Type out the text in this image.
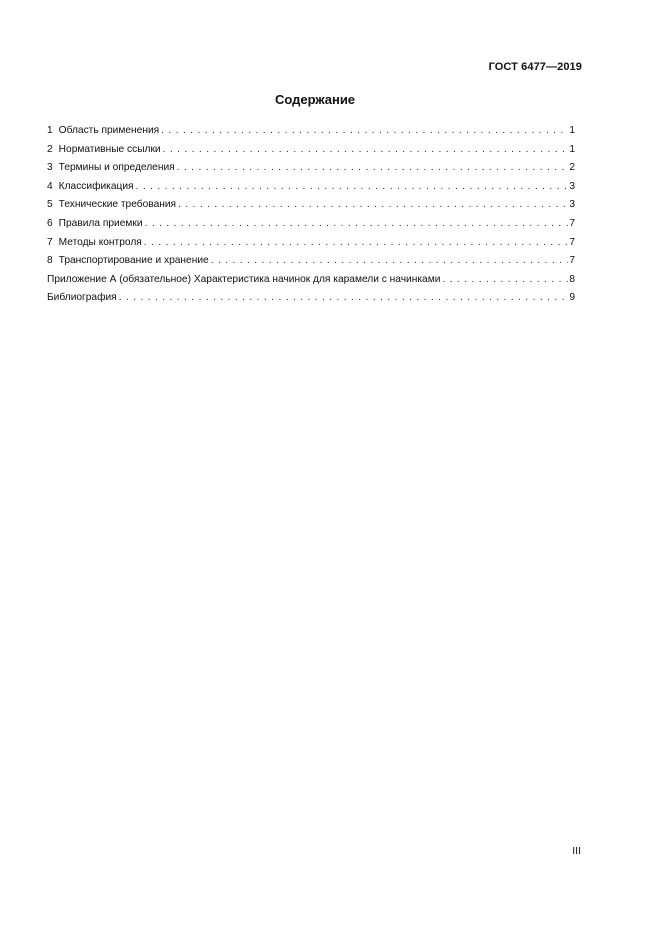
ГОСТ 6477—2019
Содержание
1 Область применения . . .	1
2 Нормативные ссылки . . .	1
3 Термины и определения . . .	2
4 Классификация . . .	3
5 Технические требования . . .	3
6 Правила приемки . . .	7
7 Методы контроля . . .	7
8 Транспортирование и хранение . . .	7
Приложение А (обязательное) Характеристика начинок для карамели с начинками . . .	8
Библиография . . .	9
III
